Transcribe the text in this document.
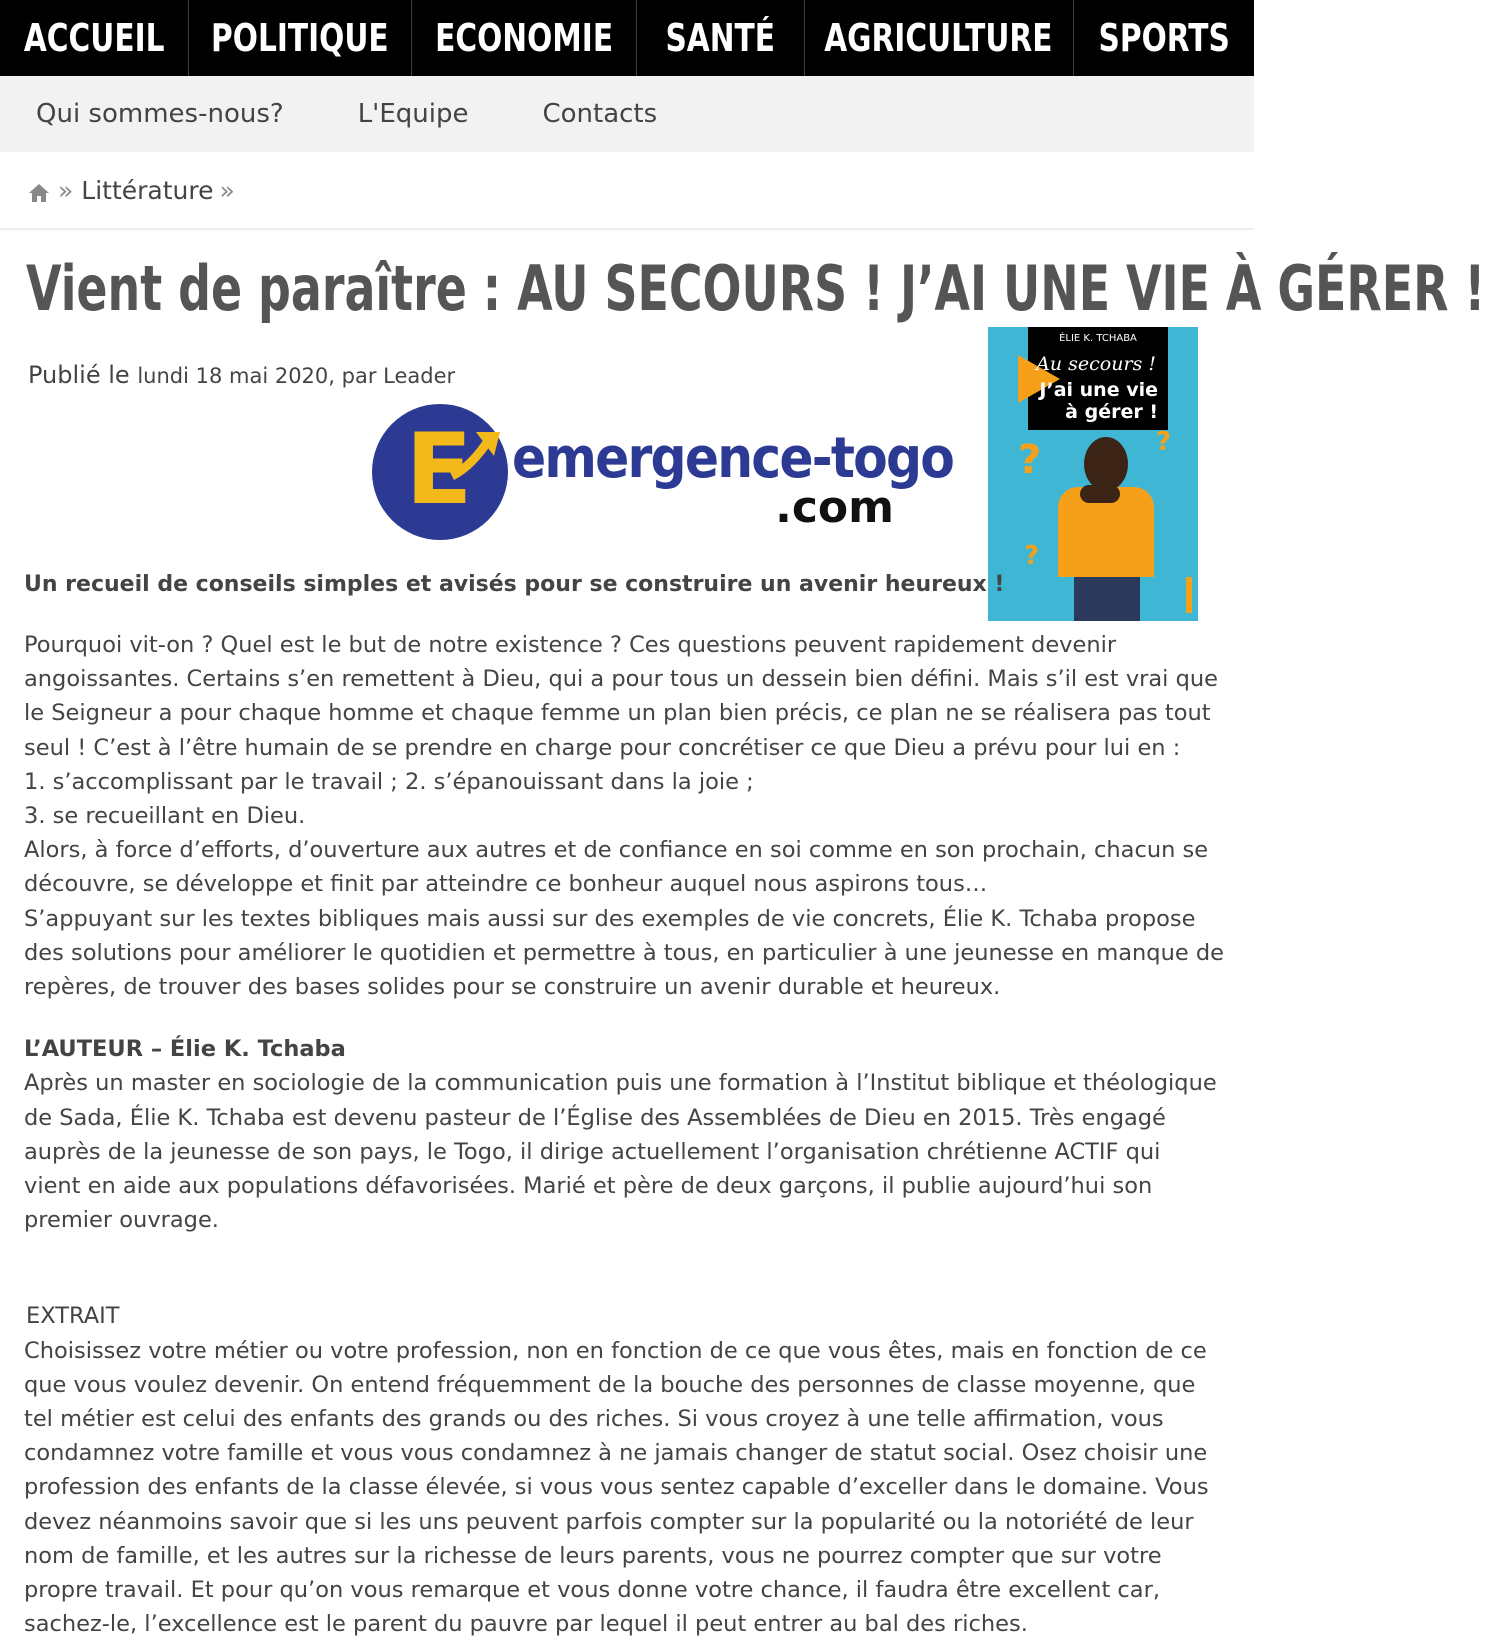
ACCUEIL POLITIQUE ECONOMIE SANTÉ AGRICULTURE SPORTS
Qui sommes-nous?	L'Equipe	Contacts
» Littérature »
Vient de paraître : AU SECOURS ! J’AI UNE VIE À GÉRER !
Publié le lundi 18 mai 2020, par Leader
ÉLIE K. TCHABA
Au secours !
J’ai une vie
à gérer !
?	?
?
E emergence-togo
.com
Un recueil de conseils simples et avisés pour se construire un avenir heureux !

Pourquoi vit-on ? Quel est le but de notre existence ? Ces questions peuvent rapidement devenir angoissantes. Certains s’en remettent à Dieu, qui a pour tous un dessein bien défini. Mais s’il est vrai que le Seigneur a pour chaque homme et chaque femme un plan bien précis, ce plan ne se réalisera pas tout seul ! C’est à l’être humain de se prendre en charge pour concrétiser ce que Dieu a prévu pour lui en :

1. s’accomplissant par le travail ; 2. s’épanouissant dans la joie ;

3. se recueillant en Dieu.

Alors, à force d’efforts, d’ouverture aux autres et de confiance en soi comme en son prochain, chacun se découvre, se développe et finit par atteindre ce bonheur auquel nous aspirons tous…

S’appuyant sur les textes bibliques mais aussi sur des exemples de vie concrets, Élie K. Tchaba propose des solutions pour améliorer le quotidien et permettre à tous, en particulier à une jeunesse en manque de repères, de trouver des bases solides pour se construire un avenir durable et heureux.

L’AUTEUR – Élie K. Tchaba

Après un master en sociologie de la communication puis une formation à l’Institut biblique et théologique de Sada, Élie K. Tchaba est devenu pasteur de l’Église des Assemblées de Dieu en 2015. Très engagé auprès de la jeunesse de son pays, le Togo, il dirige actuellement l’organisation chrétienne ACTIF qui vient en aide aux populations défavorisées. Marié et père de deux garçons, il publie aujourd’hui son premier ouvrage.

EXTRAIT

Choisissez votre métier ou votre profession, non en fonction de ce que vous êtes, mais en fonction de ce que vous voulez devenir. On entend fréquemment de la bouche des personnes de classe moyenne, que tel métier est celui des enfants des grands ou des riches. Si vous croyez à une telle affirmation, vous condamnez votre famille et vous vous condamnez à ne jamais changer de statut social. Osez choisir une profession des enfants de la classe élevée, si vous vous sentez capable d’exceller dans le domaine. Vous devez néanmoins savoir que si les uns peuvent parfois compter sur la popularité ou la notoriété de leur nom de famille, et les autres sur la richesse de leurs parents, vous ne pourrez compter que sur votre propre travail. Et pour qu’on vous remarque et vous donne votre chance, il faudra être excellent car, sachez-le, l’excellence est le parent du pauvre par lequel il peut entrer au bal des riches.
